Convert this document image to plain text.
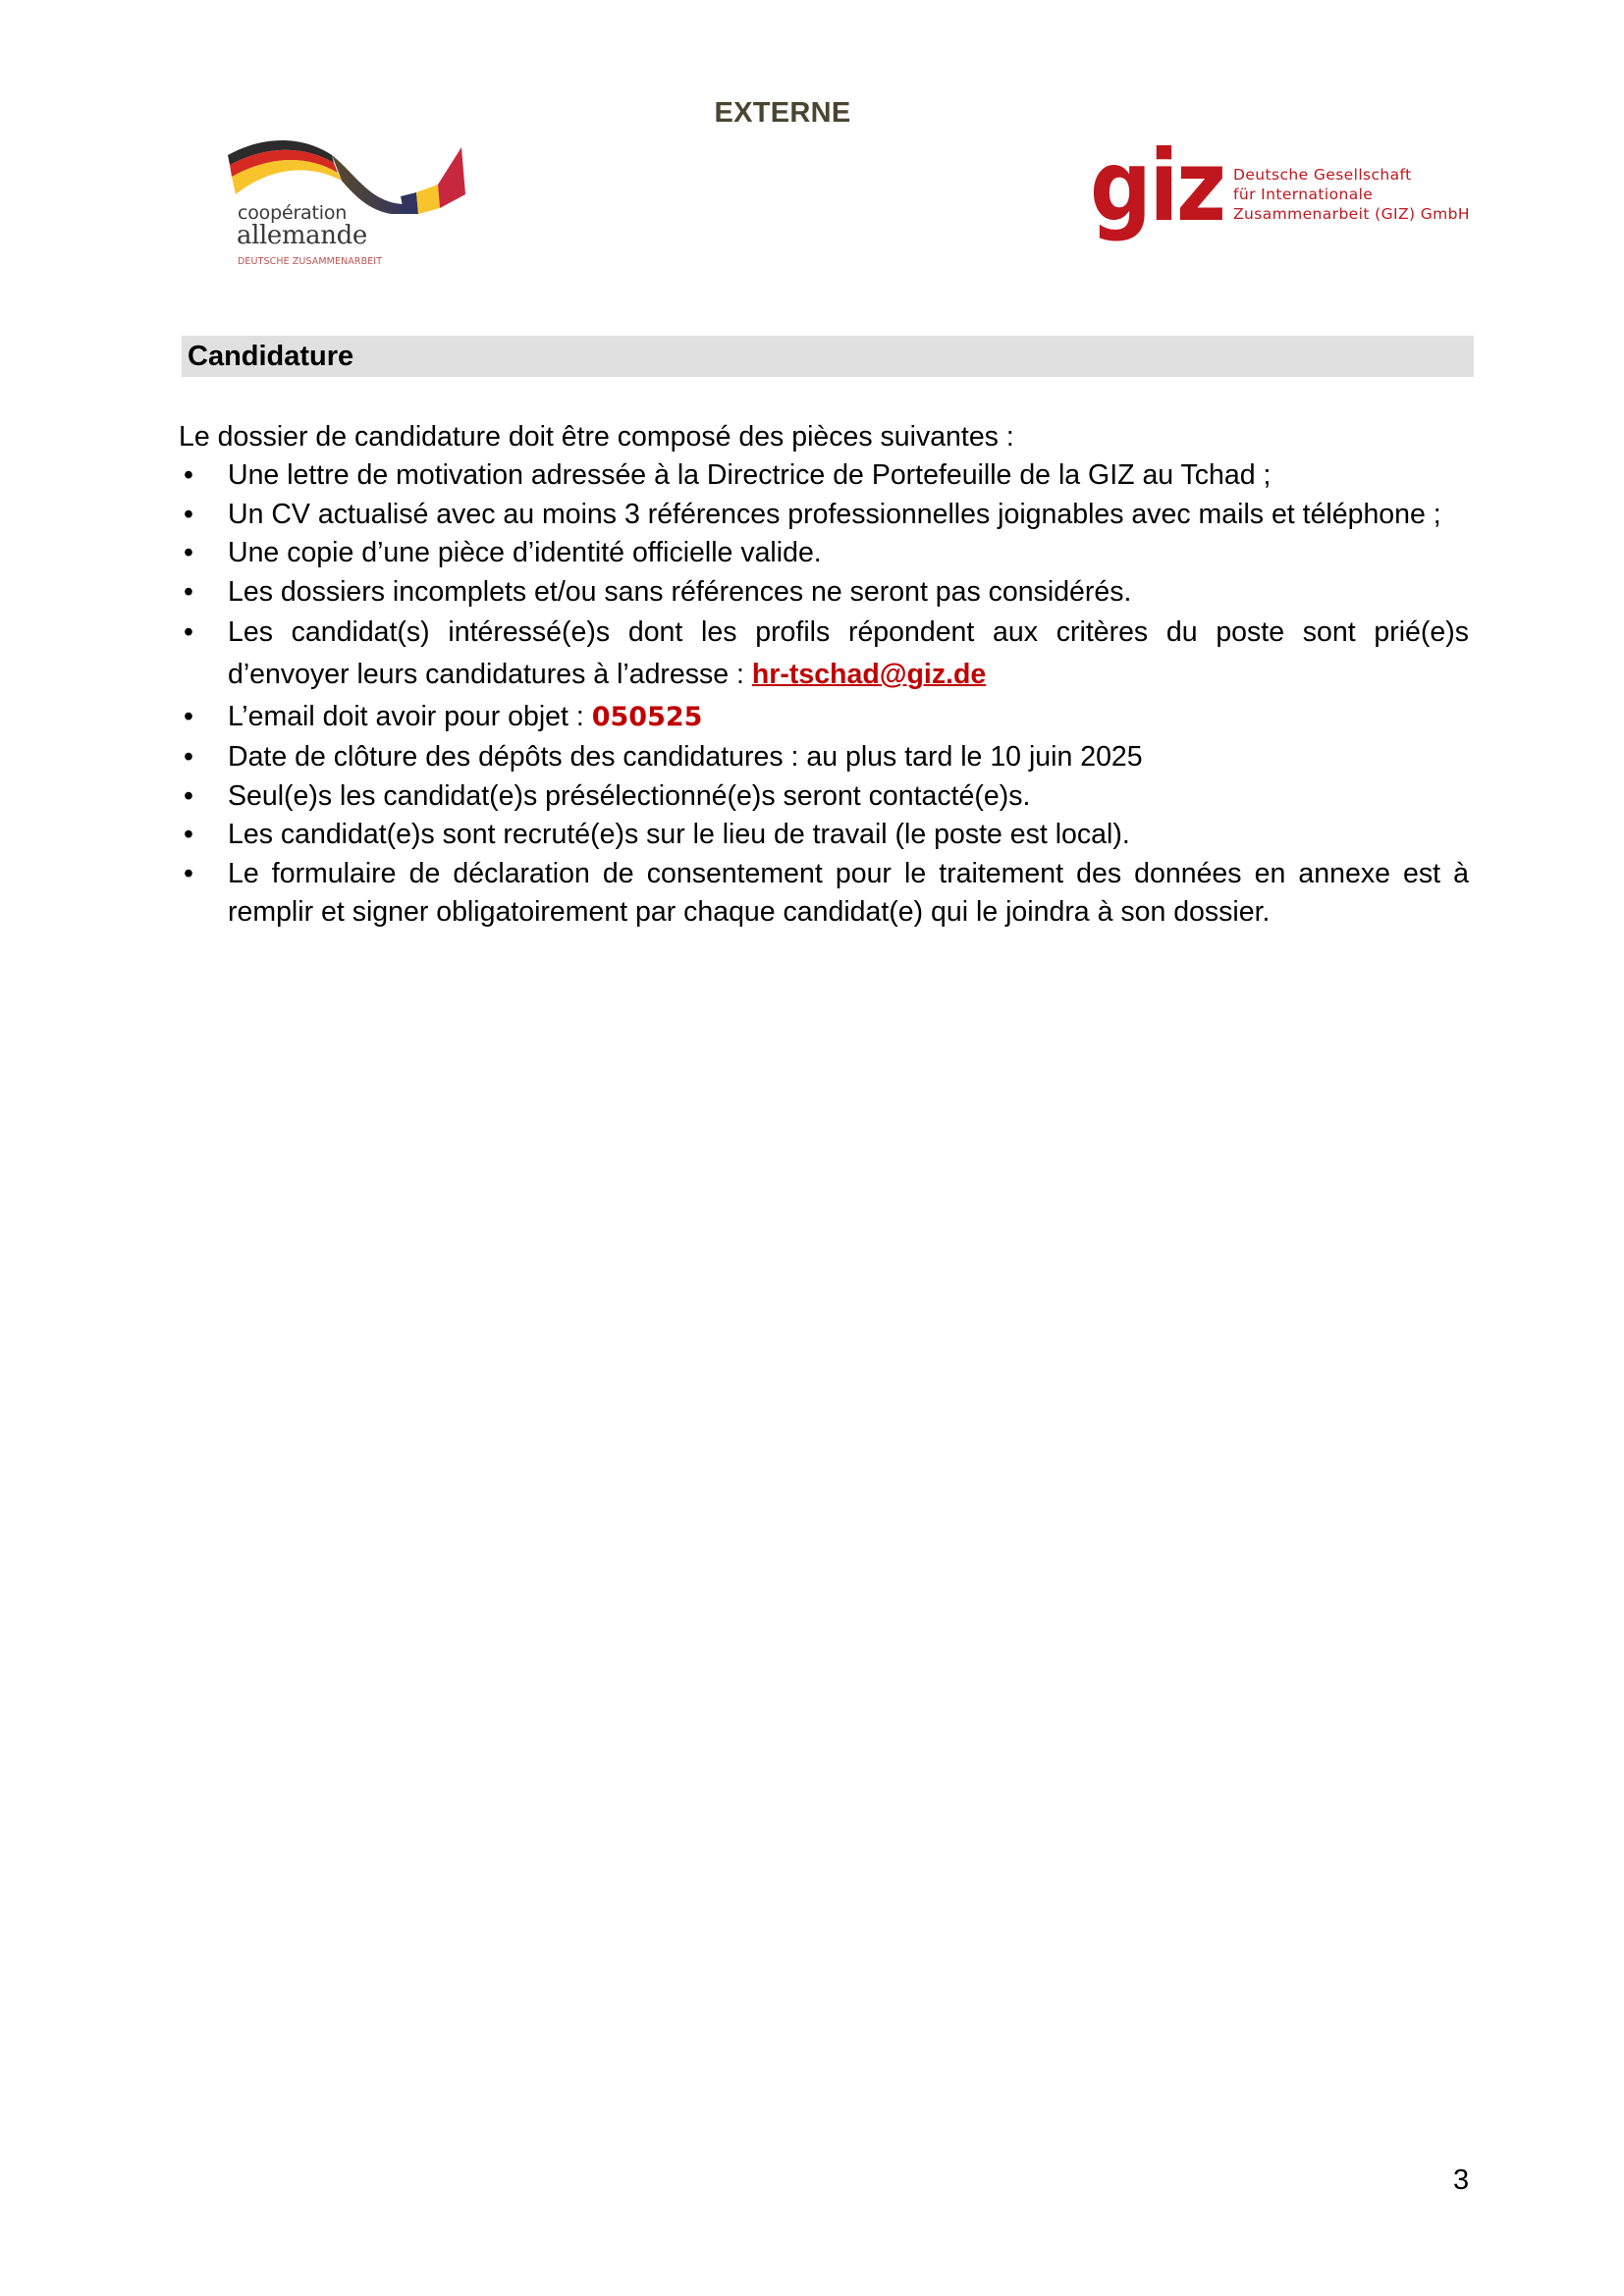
EXTERNE
coopération
allemande
DEUTSCHE ZUSAMMENARBEIT
giz Deutsche Gesellschaft
für Internationale
Zusammenarbeit (GIZ) GmbH
Candidature

Le dossier de candidature doit être composé des pièces suivantes :

• Une lettre de motivation adressée à la Directrice de Portefeuille de la GIZ au Tchad ;
• Un CV actualisé avec au moins 3 références professionnelles joignables avec mails et téléphone ;
• Une copie d’une pièce d’identité officielle valide.
• Les dossiers incomplets et/ou sans références ne seront pas considérés.
• Les candidat(s) intéressé(e)s dont les profils répondent aux critères du poste sont prié(e)s d’envoyer leurs candidatures à l’adresse : hr-tschad@giz.de
• L’email doit avoir pour objet : 050525
• Date de clôture des dépôts des candidatures : au plus tard le 10 juin 2025
• Seul(e)s les candidat(e)s présélectionné(e)s seront contacté(e)s.
• Les candidat(e)s sont recruté(e)s sur le lieu de travail (le poste est local).
• Le formulaire de déclaration de consentement pour le traitement des données en annexe est à remplir et signer obligatoirement par chaque candidat(e) qui le joindra à son dossier.
3
